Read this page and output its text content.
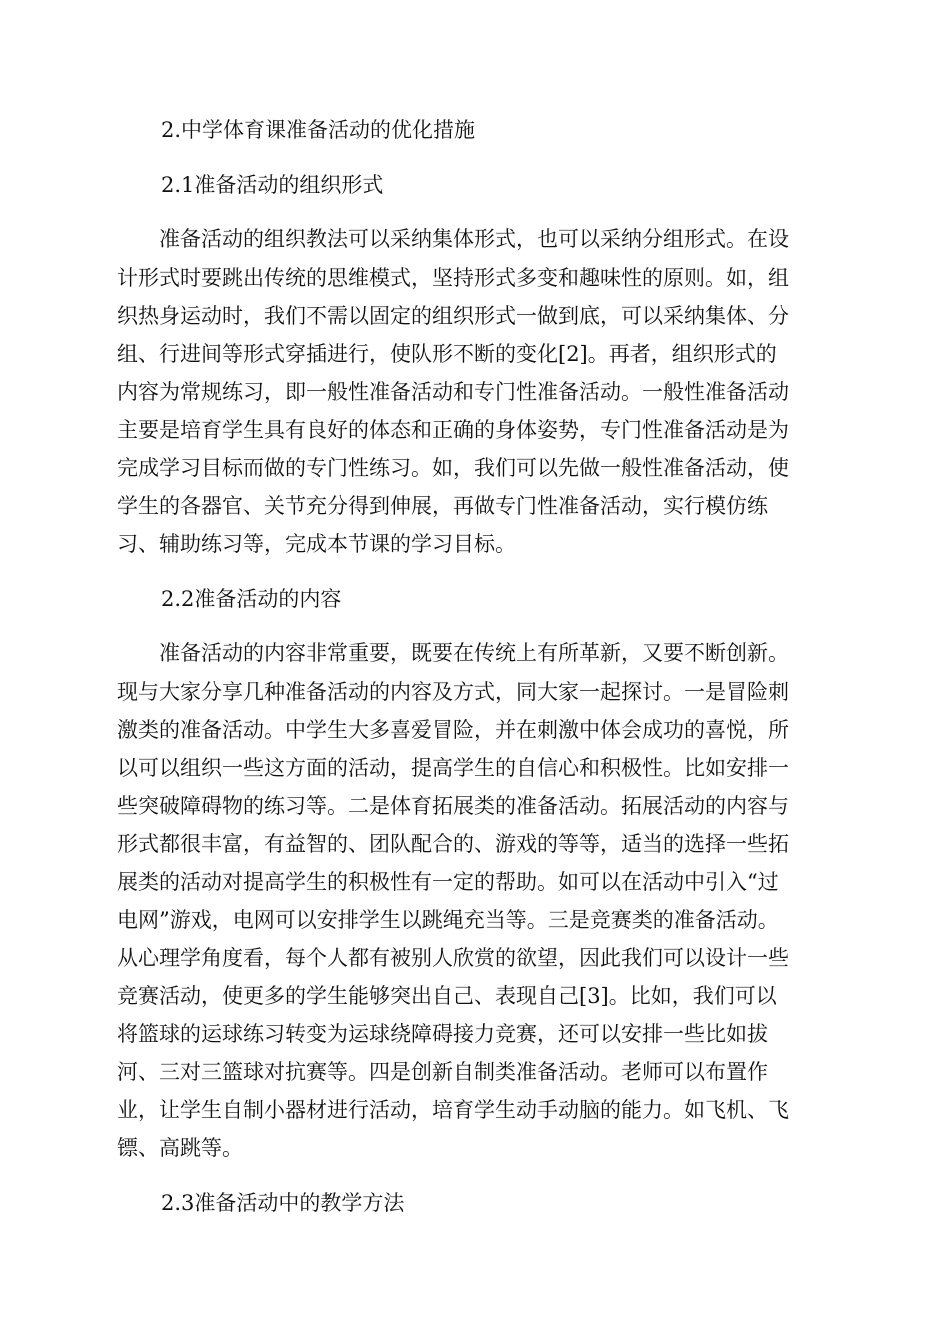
2.中学体育课准备活动的优化措施
2.1准备活动的组织形式
　　准备活动的组织教法可以采纳集体形式，也可以采纳分组形式。在设
计形式时要跳出传统的思维模式，坚持形式多变和趣味性的原则。如，组
织热身运动时，我们不需以固定的组织形式一做到底，可以采纳集体、分
组、行进间等形式穿插进行，使队形不断的变化[2]。再者，组织形式的
内容为常规练习，即一般性准备活动和专门性准备活动。一般性准备活动
主要是培育学生具有良好的体态和正确的身体姿势，专门性准备活动是为
完成学习目标而做的专门性练习。如，我们可以先做一般性准备活动，使
学生的各器官、关节充分得到伸展，再做专门性准备活动，实行模仿练
习、辅助练习等，完成本节课的学习目标。
2.2准备活动的内容
　　准备活动的内容非常重要，既要在传统上有所革新，又要不断创新。
现与大家分享几种准备活动的内容及方式，同大家一起探讨。一是冒险刺
激类的准备活动。中学生大多喜爱冒险，并在刺激中体会成功的喜悦，所
以可以组织一些这方面的活动，提高学生的自信心和积极性。比如安排一
些突破障碍物的练习等。二是体育拓展类的准备活动。拓展活动的内容与
形式都很丰富，有益智的、团队配合的、游戏的等等，适当的选择一些拓
展类的活动对提高学生的积极性有一定的帮助。如可以在活动中引入“过
电网”游戏，电网可以安排学生以跳绳充当等。三是竞赛类的准备活动。
从心理学角度看，每个人都有被别人欣赏的欲望，因此我们可以设计一些
竞赛活动，使更多的学生能够突出自己、表现自己[3]。比如，我们可以
将篮球的运球练习转变为运球绕障碍接力竞赛，还可以安排一些比如拔
河、三对三篮球对抗赛等。四是创新自制类准备活动。老师可以布置作
业，让学生自制小器材进行活动，培育学生动手动脑的能力。如飞机、飞
镖、高跳等。
2.3准备活动中的教学方法
